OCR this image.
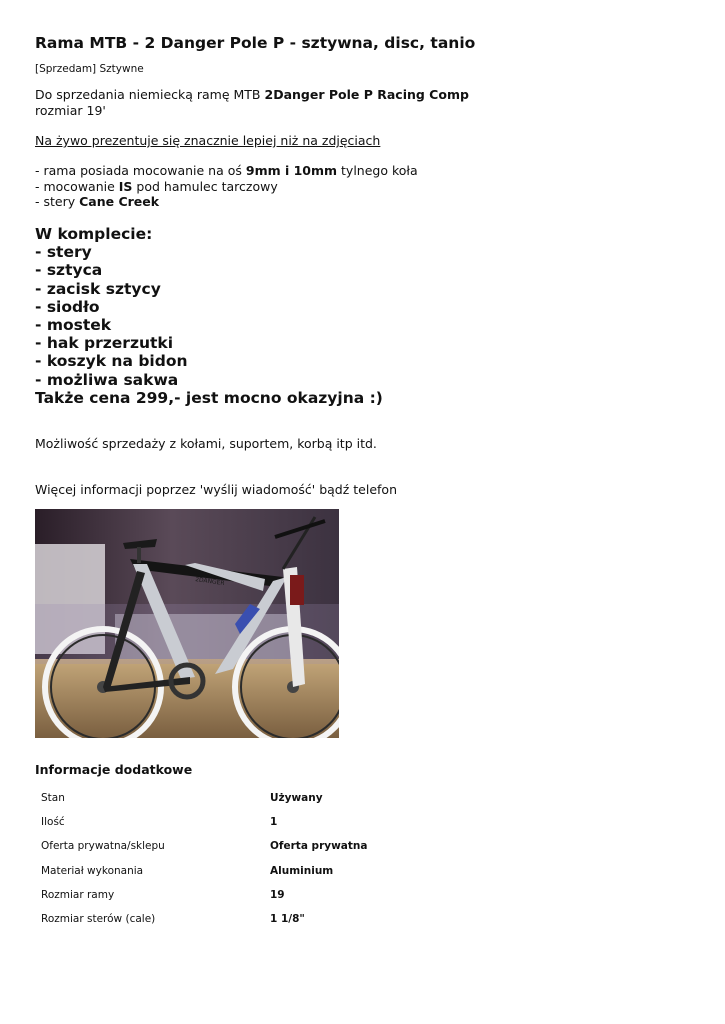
Rama MTB - 2 Danger Pole P - sztywna, disc, tanio
[Sprzedam] Sztywne
Do sprzedania niemiecką ramę MTB 2Danger Pole P Racing Comp
rozmiar 19'
Na żywo prezentuje się znacznie lepiej niż na zdjęciach
- rama posiada mocowanie na oś 9mm i 10mm tylnego koła
- mocowanie IS pod hamulec tarczowy
- stery Cane Creek
W komplecie:
- stery
- sztyca
- zacisk sztycy
- siodło
- mostek
- hak przerzutki
- koszyk na bidon
- możliwa sakwa
Także cena 299,- jest mocno okazyjna :)
Możliwość sprzedaży z kołami, suportem, korbą itp itd.
Więcej informacji poprzez 'wyślij wiadomość' bądź telefon
2DANGER
Informacje dodatkowe
Stan	Używany
Ilość	1
Oferta prywatna/sklepu	Oferta prywatna
Materiał wykonania	Aluminium
Rozmiar ramy	19
Rozmiar sterów (cale)	1 1/8"
